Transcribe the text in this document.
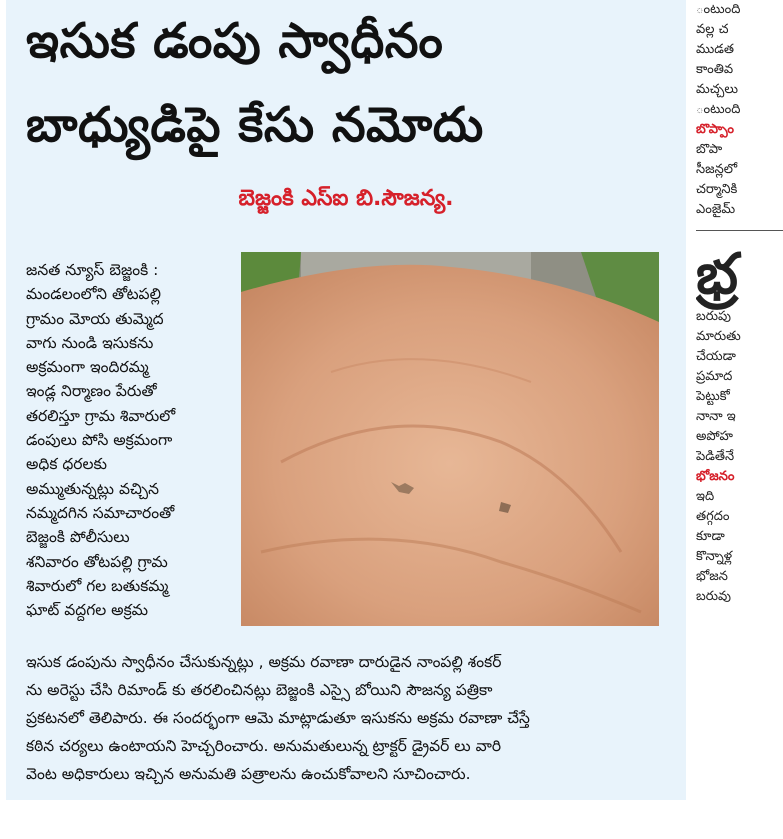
ఇసుక డంపు స్వాధీనం
బాధ్యుడిపై కేసు నమోదు
బెజ్జంకి ఎస్ఐ బి.సౌజన్య.
జనత న్యూస్ బెజ్జంకి :
మండలంలోని తోటపల్లి
గ్రామం మోయ తుమ్మెద
వాగు నుండి ఇసుకను
అక్రమంగా ఇందిరమ్మ
ఇండ్ల నిర్మాణం పేరుతో
తరలిస్తూ గ్రామ శివారులో
డంపులు పోసి అక్రమంగా
అధిక ధరలకు
అమ్ముతున్నట్లు వచ్చిన
నమ్మదగిన సమాచారంతో
బెజ్జంకి పోలీసులు
శనివారం తోటపల్లి గ్రామ
శివారులో గల బతుకమ్మ
ఘాట్ వద్దగల అక్రమ
ఇసుక డంపును స్వాధీనం చేసుకున్నట్లు , అక్రమ రవాణా దారుడైన నాంపల్లి శంకర్
ను అరెస్టు చేసి రిమాండ్ కు తరలించినట్లు బెజ్జంకి ఎస్సై బోయిని సౌజన్య పత్రికా
ప్రకటనలో తెలిపారు. ఈ సందర్భంగా ఆమె మాట్లాడుతూ ఇసుకను అక్రమ రవాణా చేస్తే
కఠిన చర్యలు ఉంటాయని హెచ్చరించారు. అనుమతులున్న ట్రాక్టర్ డ్రైవర్ లు వారి
వెంట అధికారులు ఇచ్చిన అనుమతి పత్రాలను ఉంచుకోవాలని సూచించారు.
ంటుంది
వల్ల చ
ముడత
కాంతివ
మచ్చలు
ంటుంది
బొప్పాం
బొపా
సీజన్లలో
చర్మానికి
ఎంజైమ్
భ్ర
బరుపు
మారుతు
చేయడా
ప్రమాద
పెట్టుకో
నానా ఇ
అపోహ
పెడితేనే
భోజనం
ఇది
తగ్గదం
కూడా
కొన్నాళ్ల
భోజన
బరువు
